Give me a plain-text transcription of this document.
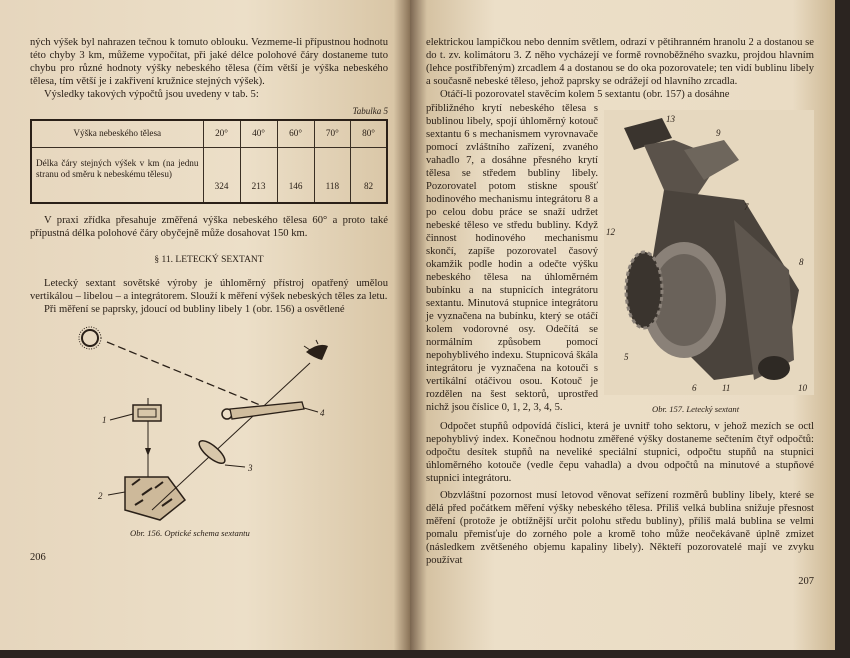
ných výšek byl nahrazen tečnou k tomuto oblouku. Vezmeme-li přípustnou hodnotu této chyby 3 km, můžeme vypočítat, při jaké délce polohové čáry dostaneme tuto chybu pro různé hodnoty výšky nebeského tělesa (čím větší je výška nebeského tělesa, tím větší je i zakřivení kružnice stejných výšek).

Výsledky takových výpočtů jsou uvedeny v tab. 5:

Tabulka 5
Výška nebeského tělesa	20°	40°	60°	70°	80°
Délka čáry stejných výšek v km (na jednu stranu od směru k nebeskému tělesu)	324	213	146	118	82

V praxi zřídka přesahuje změřená výška nebeského tělesa 60° a proto také přípustná délka polohové čáry obyčejně může dosahovat 150 km.

§ 11. LETECKÝ SEXTANT

Letecký sextant sovětské výroby je úhloměrný přístroj opatřený umělou vertikálou – libelou – a integrátorem. Slouží k měření výšek nebeských těles za letu.

Při měření se paprsky, jdoucí od bubliny libely 1 (obr. 156) a osvětlené

1
2
3
4
Obr. 156. Optické schema sextantu
206

elektrickou lampičkou nebo denním světlem, odrazí v pětihranném hranolu 2 a dostanou se do t. zv. kolimátoru 3. Z něho vycházejí ve formě rovnoběžného svazku, projdou hlavním (lehce postříbřeným) zrcadlem 4 a dostanou se do oka pozorovatele; ten vidí bublinu libely a současně nebeské těleso, jehož paprsky se odrážejí od hlavního zrcadla.

Otáčí-li pozorovatel stavěcím kolem 5 sextantu (obr. 157) a dosáhne

přibližného krytí nebeského tělesa s bublinou libely, spojí úhloměrný kotouč sextantu 6 s mechanismem vyrovnavače pomocí zvláštního zařízení, zvaného vahadlo 7, a dosáhne přesného krytí tělesa se středem bubliny libely. Pozorovatel potom stiskne spoušť hodinového mechanismu integrátoru 8 a po celou dobu práce se snaží udržet nebeské těleso ve středu bubliny. Když činnost hodinového mechanismu skončí, zapíše pozorovatel časový okamžik podle hodin a odečte výšku nebeského tělesa na úhloměrném bubínku a na stupnicích integrátoru sextantu. Minutová stupnice integrátoru je vyznačena na bubínku, který se otáčí kolem vodorovné osy. Odečítá se normálním způsobem pomocí nepohyblivého indexu. Stupnicová škála integrátoru je vyznačena na kotouči s vertikální otáčivou osou. Kotouč je rozdělen na šest sektorů, uprostřed nichž jsou číslice 0, 1, 2, 3, 4, 5.

13
9
12
7
8
5
6	11	10
Obr. 157. Letecký sextant

Odpočet stupňů odpovídá číslici, která je uvnitř toho sektoru, v jehož mezích se octl nepohyblivý index. Konečnou hodnotu změřené výšky dostaneme sečtením čtyř odpočtů: odpočtu desítek stupňů na neveliké speciální stupnici, odpočtu stupňů na stupnici úhloměrného kotouče (vedle čepu vahadla) a dvou odpočtů na minutové a stupňové stupnici integrátoru.

Obzvláštní pozornost musí letovod věnovat seřízení rozměrů bubliny libely, které se dělá před počátkem měření výšky nebeského tělesa. Příliš velká bublina snižuje přesnost měření (protože je obtížnější určit polohu středu bubliny), příliš malá bublina se velmi pomalu přemisťuje do zorného pole a kromě toho může neočekávaně úplně zmizet (následkem zvětšeného objemu kapaliny libely). Někteří pozorovatelé mají ve zvyku používat

207
